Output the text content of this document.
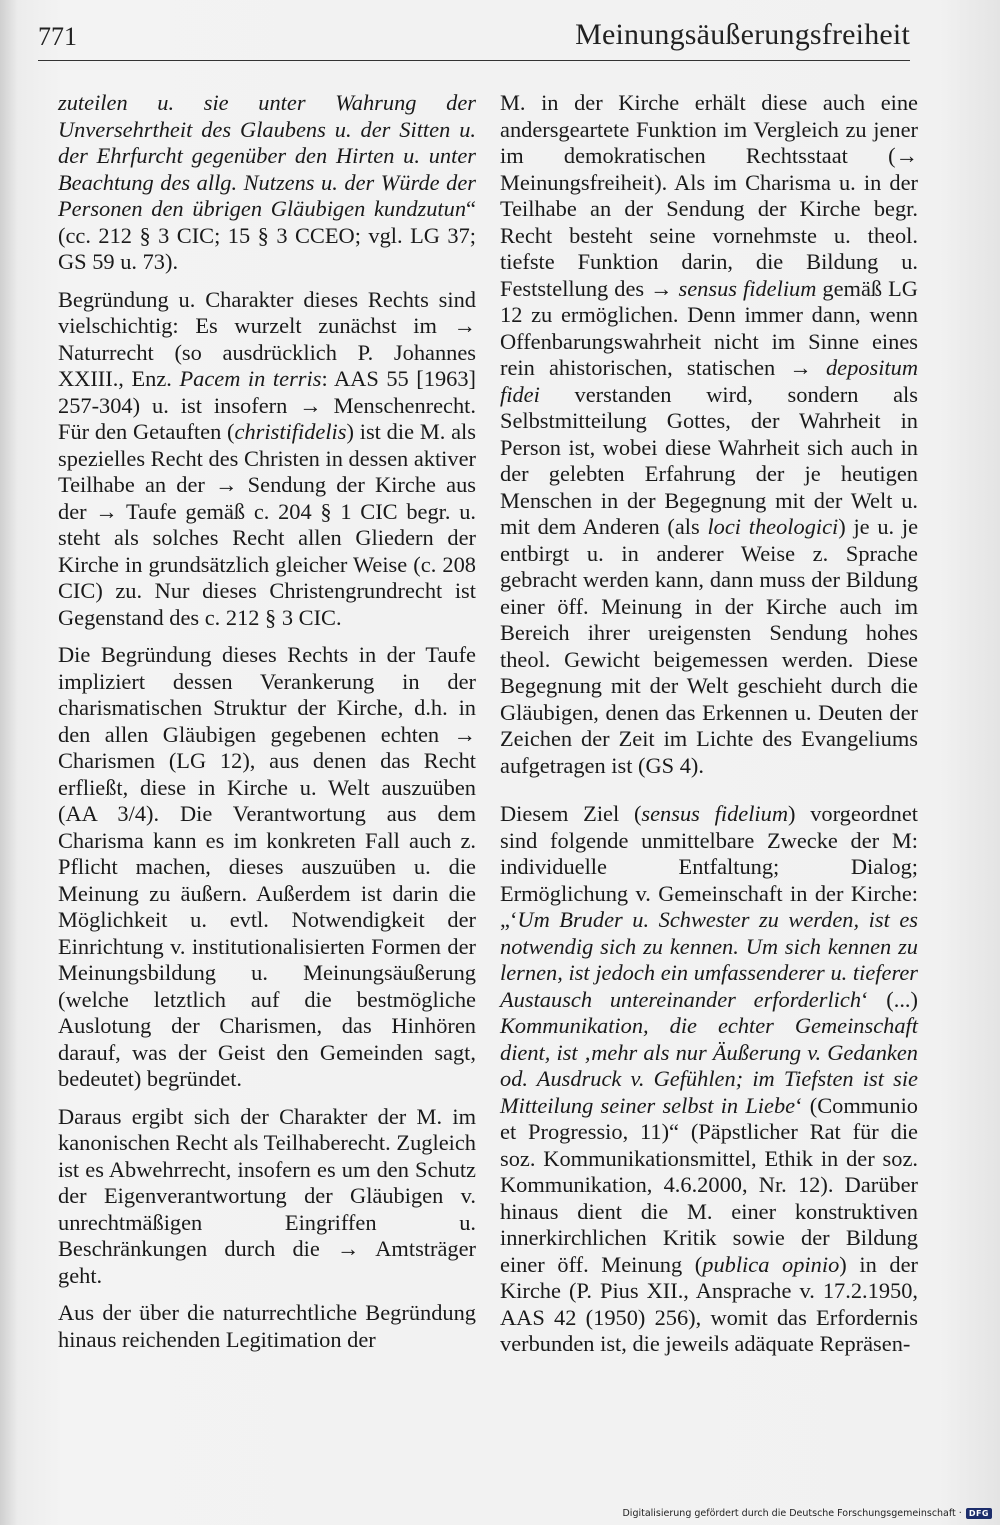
771	Meinungsäußerungsfreiheit

zuteilen u. sie unter Wahrung der Unversehrtheit des Glaubens u. der Sitten u. der Ehrfurcht gegenüber den Hirten u. unter Beachtung des allg. Nutzens u. der Würde der Personen den übrigen Gläubigen kundzutun“ (cc. 212 § 3 CIC; 15 § 3 CCEO; vgl. LG 37; GS 59 u. 73).

Begründung u. Charakter dieses Rechts sind vielschichtig: Es wurzelt zunächst im → Naturrecht (so ausdrücklich P. Johannes XXIII., Enz. Pacem in terris: AAS 55 [1963] 257-304) u. ist insofern → Menschenrecht. Für den Getauften (christifidelis) ist die M. als spezielles Recht des Christen in dessen aktiver Teilhabe an der → Sendung der Kirche aus der → Taufe gemäß c. 204 § 1 CIC begr. u. steht als solches Recht allen Gliedern der Kirche in grundsätzlich gleicher Weise (c. 208 CIC) zu. Nur dieses Christengrundrecht ist Gegenstand des c. 212 § 3 CIC.

Die Begründung dieses Rechts in der Taufe impliziert dessen Verankerung in der charismatischen Struktur der Kirche, d.h. in den allen Gläubigen gegebenen echten → Charismen (LG 12), aus denen das Recht erfließt, diese in Kirche u. Welt auszuüben (AA 3/4). Die Verantwortung aus dem Charisma kann es im konkreten Fall auch z. Pflicht machen, dieses auszuüben u. die Meinung zu äußern. Außerdem ist darin die Möglichkeit u. evtl. Notwendigkeit der Einrichtung v. institutionalisierten Formen der Meinungsbildung u. Meinungsäußerung (welche letztlich auf die bestmögliche Auslotung der Charismen, das Hinhören darauf, was der Geist den Gemeinden sagt, bedeutet) begründet.

Daraus ergibt sich der Charakter der M. im kanonischen Recht als Teilhaberecht. Zugleich ist es Abwehrrecht, insofern es um den Schutz der Eigenverantwortung der Gläubigen v. unrechtmäßigen Eingriffen u. Beschränkungen durch die → Amtsträger geht.

Aus der über die naturrechtliche Begründung hinaus reichenden Legitimation der

M. in der Kirche erhält diese auch eine andersgeartete Funktion im Vergleich zu jener im demokratischen Rechtsstaat (→ Meinungsfreiheit). Als im Charisma u. in der Teilhabe an der Sendung der Kirche begr. Recht besteht seine vornehmste u. theol. tiefste Funktion darin, die Bildung u. Feststellung des → sensus fidelium gemäß LG 12 zu ermöglichen. Denn immer dann, wenn Offenbarungswahrheit nicht im Sinne eines rein ahistorischen, statischen → depositum fidei verstanden wird, sondern als Selbstmitteilung Gottes, der Wahrheit in Person ist, wobei diese Wahrheit sich auch in der gelebten Erfahrung der je heutigen Menschen in der Begegnung mit der Welt u. mit dem Anderen (als loci theologici) je u. je entbirgt u. in anderer Weise z. Sprache gebracht werden kann, dann muss der Bildung einer öff. Meinung in der Kirche auch im Bereich ihrer ureigensten Sendung hohes theol. Gewicht beigemessen werden. Diese Begegnung mit der Welt geschieht durch die Gläubigen, denen das Erkennen u. Deuten der Zeichen der Zeit im Lichte des Evangeliums aufgetragen ist (GS 4).

Diesem Ziel (sensus fidelium) vorgeordnet sind folgende unmittelbare Zwecke der M: individuelle Entfaltung; Dialog; Ermöglichung v. Gemeinschaft in der Kirche: „‘Um Bruder u. Schwester zu werden, ist es notwendig sich zu kennen. Um sich kennen zu lernen, ist jedoch ein umfassenderer u. tieferer Austausch untereinander erforderlich‘ (...) Kommunikation, die echter Gemeinschaft dient, ist ‚mehr als nur Äußerung v. Gedanken od. Ausdruck v. Gefühlen; im Tiefsten ist sie Mitteilung seiner selbst in Liebe‘ (Communio et Progressio, 11)“ (Päpstlicher Rat für die soz. Kommunikationsmittel, Ethik in der soz. Kommunikation, 4.6.2000, Nr. 12). Darüber hinaus dient die M. einer konstruktiven innerkirchlichen Kritik sowie der Bildung einer öff. Meinung (publica opinio) in der Kirche (P. Pius XII., Ansprache v. 17.2.1950, AAS 42 (1950) 256), womit das Erfordernis verbunden ist, die jeweils adäquate Repräsen-

Digitalisierung gefördert durch die Deutsche Forschungsgemeinschaft · DFG
